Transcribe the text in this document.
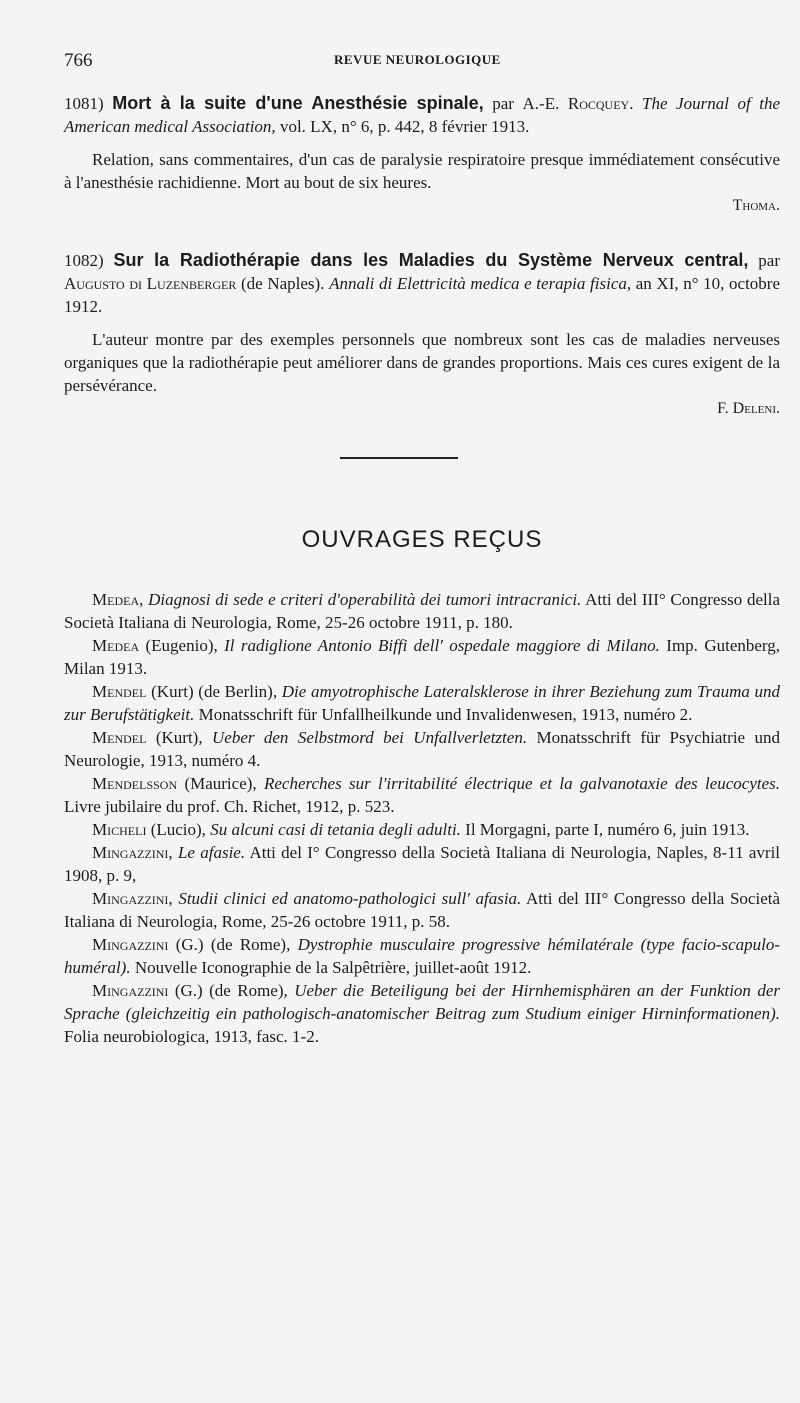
766	REVUE NEUROLOGIQUE

1081) Mort à la suite d'une Anesthésie spinale, par A.-E. Rocquey. The Journal of the American medical Association, vol. LX, n° 6, p. 442, 8 février 1913.

Relation, sans commentaires, d'un cas de paralysie respiratoire presque immédiatement consécutive à l'anesthésie rachidienne. Mort au bout de six heures.

Thoma.

1082) Sur la Radiothérapie dans les Maladies du Système Nerveux central, par Augusto di Luzenberger (de Naples). Annali di Elettricità medica e terapia fisica, an XI, n° 10, octobre 1912.

L'auteur montre par des exemples personnels que nombreux sont les cas de maladies nerveuses organiques que la radiothérapie peut améliorer dans de grandes proportions. Mais ces cures exigent de la persévérance.

F. Deleni.

OUVRAGES REÇUS

Medea, Diagnosi di sede e criteri d'operabilità dei tumori intracranici. Atti del III° Congresso della Società Italiana di Neurologia, Rome, 25-26 octobre 1911, p. 180.

Medea (Eugenio), Il radiglione Antonio Biffi dell' ospedale maggiore di Milano. Imp. Gutenberg, Milan 1913.

Mendel (Kurt) (de Berlin), Die amyotrophische Lateralsklerose in ihrer Beziehung zum Trauma und zur Berufstätigkeit. Monatsschrift für Unfallheilkunde und Invalidenwesen, 1913, numéro 2.

Mendel (Kurt), Ueber den Selbstmord bei Unfallverletzten. Monatsschrift für Psychiatrie und Neurologie, 1913, numéro 4.

Mendelsson (Maurice), Recherches sur l'irritabilité électrique et la galvanotaxie des leucocytes. Livre jubilaire du prof. Ch. Richet, 1912, p. 523.

Micheli (Lucio), Su alcuni casi di tetania degli adulti. Il Morgagni, parte I, numéro 6, juin 1913.

Mingazzini, Le afasie. Atti del I° Congresso della Società Italiana di Neurologia, Naples, 8-11 avril 1908, p. 9,

Mingazzini, Studii clinici ed anatomo-pathologici sull' afasia. Atti del III° Congresso della Società Italiana di Neurologia, Rome, 25-26 octobre 1911, p. 58.

Mingazzini (G.) (de Rome), Dystrophie musculaire progressive hémilatérale (type facio-scapulo-huméral). Nouvelle Iconographie de la Salpêtrière, juillet-août 1912.

Mingazzini (G.) (de Rome), Ueber die Beteiligung bei der Hirnhemisphären an der Funktion der Sprache (gleichzeitig ein pathologisch-anatomischer Beitrag zum Studium einiger Hirninformationen). Folia neurobiologica, 1913, fasc. 1-2.
